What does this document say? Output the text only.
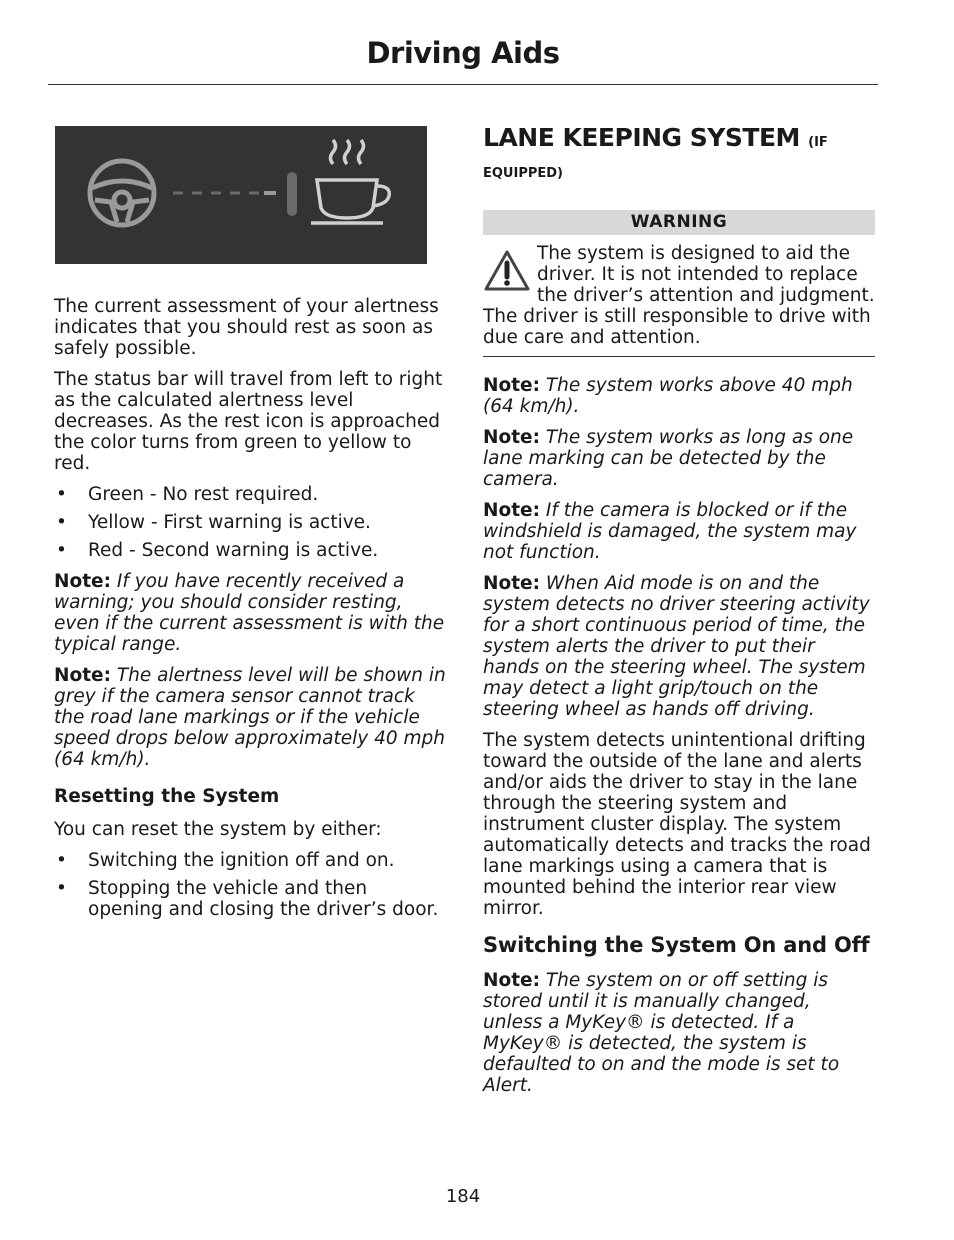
Driving Aids

The current assessment of your alertness indicates that you should rest as soon as safely possible.

The status bar will travel from left to right as the calculated alertness level decreases. As the rest icon is approached the color turns from green to yellow to red.

• Green - No rest required.
• Yellow - First warning is active.
• Red - Second warning is active.

Note: If you have recently received a warning; you should consider resting, even if the current assessment is with the typical range.

Note: The alertness level will be shown in grey if the camera sensor cannot track the road lane markings or if the vehicle speed drops below approximately 40 mph (64 km/h).

Resetting the System

You can reset the system by either:

• Switching the ignition off and on.
• Stopping the vehicle and then opening and closing the driver’s door.
LANE KEEPING SYSTEM (IF
EQUIPPED)
WARNING

The system is designed to aid the driver. It is not intended to replace the driver’s attention and judgment. The driver is still responsible to drive with due care and attention.

Note: The system works above 40 mph (64 km/h).

Note: The system works as long as one lane marking can be detected by the camera.

Note: If the camera is blocked or if the windshield is damaged, the system may not function.

Note: When Aid mode is on and the system detects no driver steering activity for a short continuous period of time, the system alerts the driver to put their hands on the steering wheel. The system may detect a light grip/touch on the steering wheel as hands off driving.

The system detects unintentional drifting toward the outside of the lane and alerts and/or aids the driver to stay in the lane through the steering system and instrument cluster display. The system automatically detects and tracks the road lane markings using a camera that is mounted behind the interior rear view mirror.

Switching the System On and Off

Note: The system on or off setting is stored until it is manually changed, unless a MyKey® is detected. If a MyKey® is detected, the system is defaulted to on and the mode is set to Alert.

184
